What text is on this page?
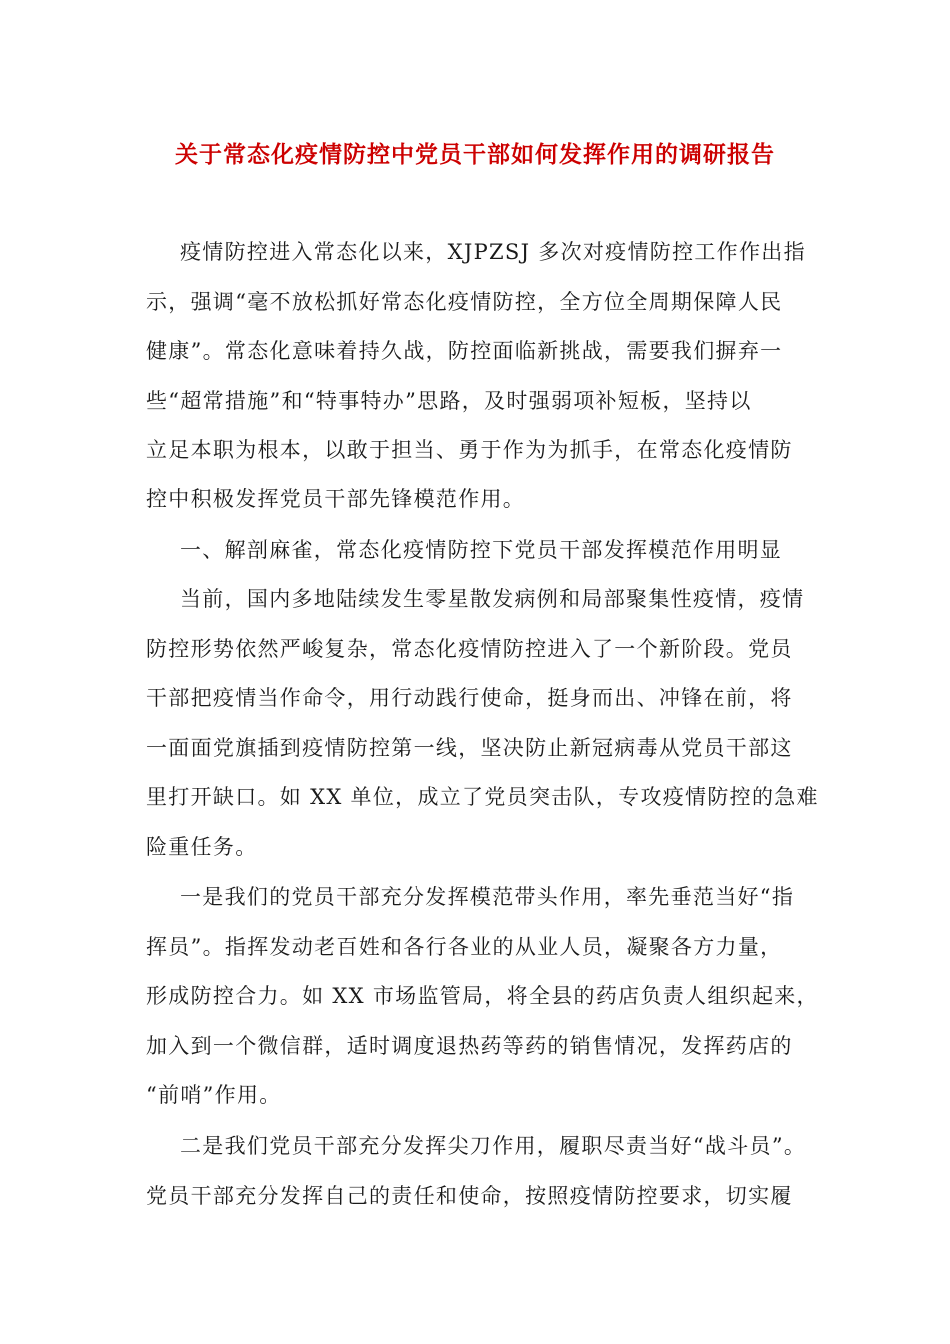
关于常态化疫情防控中党员干部如何发挥作用的调研报告
疫情防控进入常态化以来，XJPZSJ 多次对疫情防控工作作出指
示，强调“毫不放松抓好常态化疫情防控，全方位全周期保障人民
健康”。常态化意味着持久战，防控面临新挑战，需要我们摒弃一
些“超常措施”和“特事特办”思路，及时强弱项补短板，坚持以
立足本职为根本，以敢于担当、勇于作为为抓手，在常态化疫情防
控中积极发挥党员干部先锋模范作用。
一、解剖麻雀，常态化疫情防控下党员干部发挥模范作用明显
当前，国内多地陆续发生零星散发病例和局部聚集性疫情，疫情
防控形势依然严峻复杂，常态化疫情防控进入了一个新阶段。党员
干部把疫情当作命令，用行动践行使命，挺身而出、冲锋在前，将
一面面党旗插到疫情防控第一线，坚决防止新冠病毒从党员干部这
里打开缺口。如 XX 单位，成立了党员突击队，专攻疫情防控的急难
险重任务。
一是我们的党员干部充分发挥模范带头作用，率先垂范当好“指
挥员”。指挥发动老百姓和各行各业的从业人员，凝聚各方力量，
形成防控合力。如 XX 市场监管局，将全县的药店负责人组织起来，
加入到一个微信群，适时调度退热药等药的销售情况，发挥药店的
“前哨”作用。
二是我们党员干部充分发挥尖刀作用，履职尽责当好“战斗员”。
党员干部充分发挥自己的责任和使命，按照疫情防控要求，切实履
